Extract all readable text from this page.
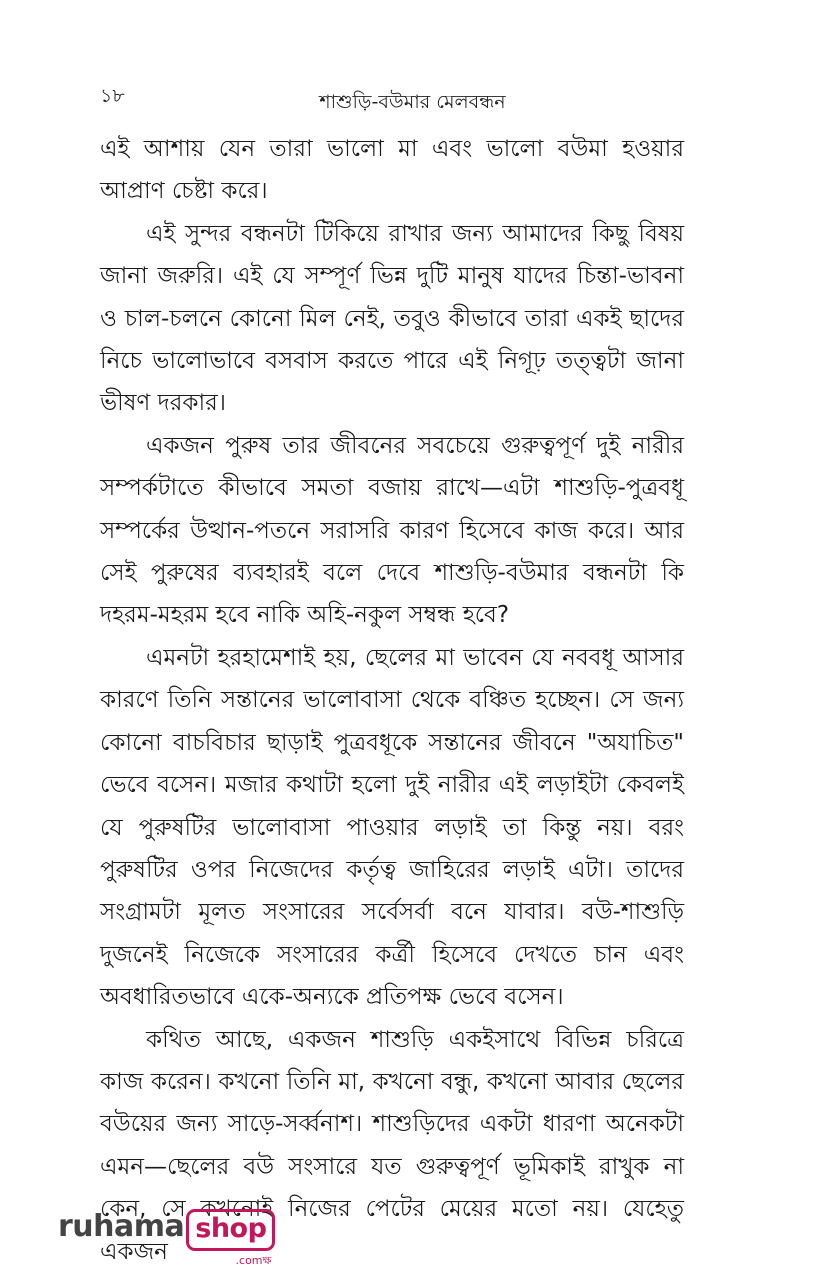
১৮	শাশুড়ি-বউমার মেলবন্ধন

এই আশায় যেন তারা ভালো মা এবং ভালো বউমা হওয়ার আপ্রাণ চেষ্টা করে।

এই সুন্দর বন্ধনটা টিকিয়ে রাখার জন্য আমাদের কিছু বিষয় জানা জরুরি। এই যে সম্পূর্ণ ভিন্ন দুটি মানুষ যাদের চিন্তা-ভাবনা ও চাল-চলনে কোনো মিল নেই, তবুও কীভাবে তারা একই ছাদের নিচে ভালোভাবে বসবাস করতে পারে এই নিগূঢ় তত্ত্বটা জানা ভীষণ দরকার।

একজন পুরুষ তার জীবনের সবচেয়ে গুরুত্বপূর্ণ দুই নারীর সম্পর্কটাতে কীভাবে সমতা বজায় রাখে—এটা শাশুড়ি-পুত্রবধূ সম্পর্কের উত্থান-পতনে সরাসরি কারণ হিসেবে কাজ করে। আর সেই পুরুষের ব্যবহারই বলে দেবে শাশুড়ি-বউমার বন্ধনটা কি দহরম-মহরম হবে নাকি অহি-নকুল সম্বন্ধ হবে?

এমনটা হরহামেশাই হয়, ছেলের মা ভাবেন যে নববধূ আসার কারণে তিনি সন্তানের ভালোবাসা থেকে বঞ্চিত হচ্ছেন। সে জন্য কোনো বাচবিচার ছাড়াই পুত্রবধূকে সন্তানের জীবনে "অযাচিত" ভেবে বসেন। মজার কথাটা হলো দুই নারীর এই লড়াইটা কেবলই যে পুরুষটির ভালোবাসা পাওয়ার লড়াই তা কিন্তু নয়। বরং পুরুষটির ওপর নিজেদের কর্তৃত্ব জাহিরের লড়াই এটা। তাদের সংগ্রামটা মূলত সংসারের সর্বেসর্বা বনে যাবার। বউ-শাশুড়ি দুজনেই নিজেকে সংসারের কর্ত্রী হিসেবে দেখতে চান এবং অবধারিতভাবে একে-অন্যকে প্রতিপক্ষ ভেবে বসেন।

কথিত আছে, একজন শাশুড়ি একইসাথে বিভিন্ন চরিত্রে কাজ করেন। কখনো তিনি মা, কখনো বন্ধু, কখনো আবার ছেলের বউয়ের জন্য সাড়ে-সর্ব্বনাশ। শাশুড়িদের একটা ধারণা অনেকটা এমন—ছেলের বউ সংসারে যত গুরুত্বপূর্ণ ভূমিকাই রাখুক না কেন, সে কখনোই নিজের পেটের মেয়ের মতো নয়। যেহেতু একজন

ruhama shop
.comক্ষ
